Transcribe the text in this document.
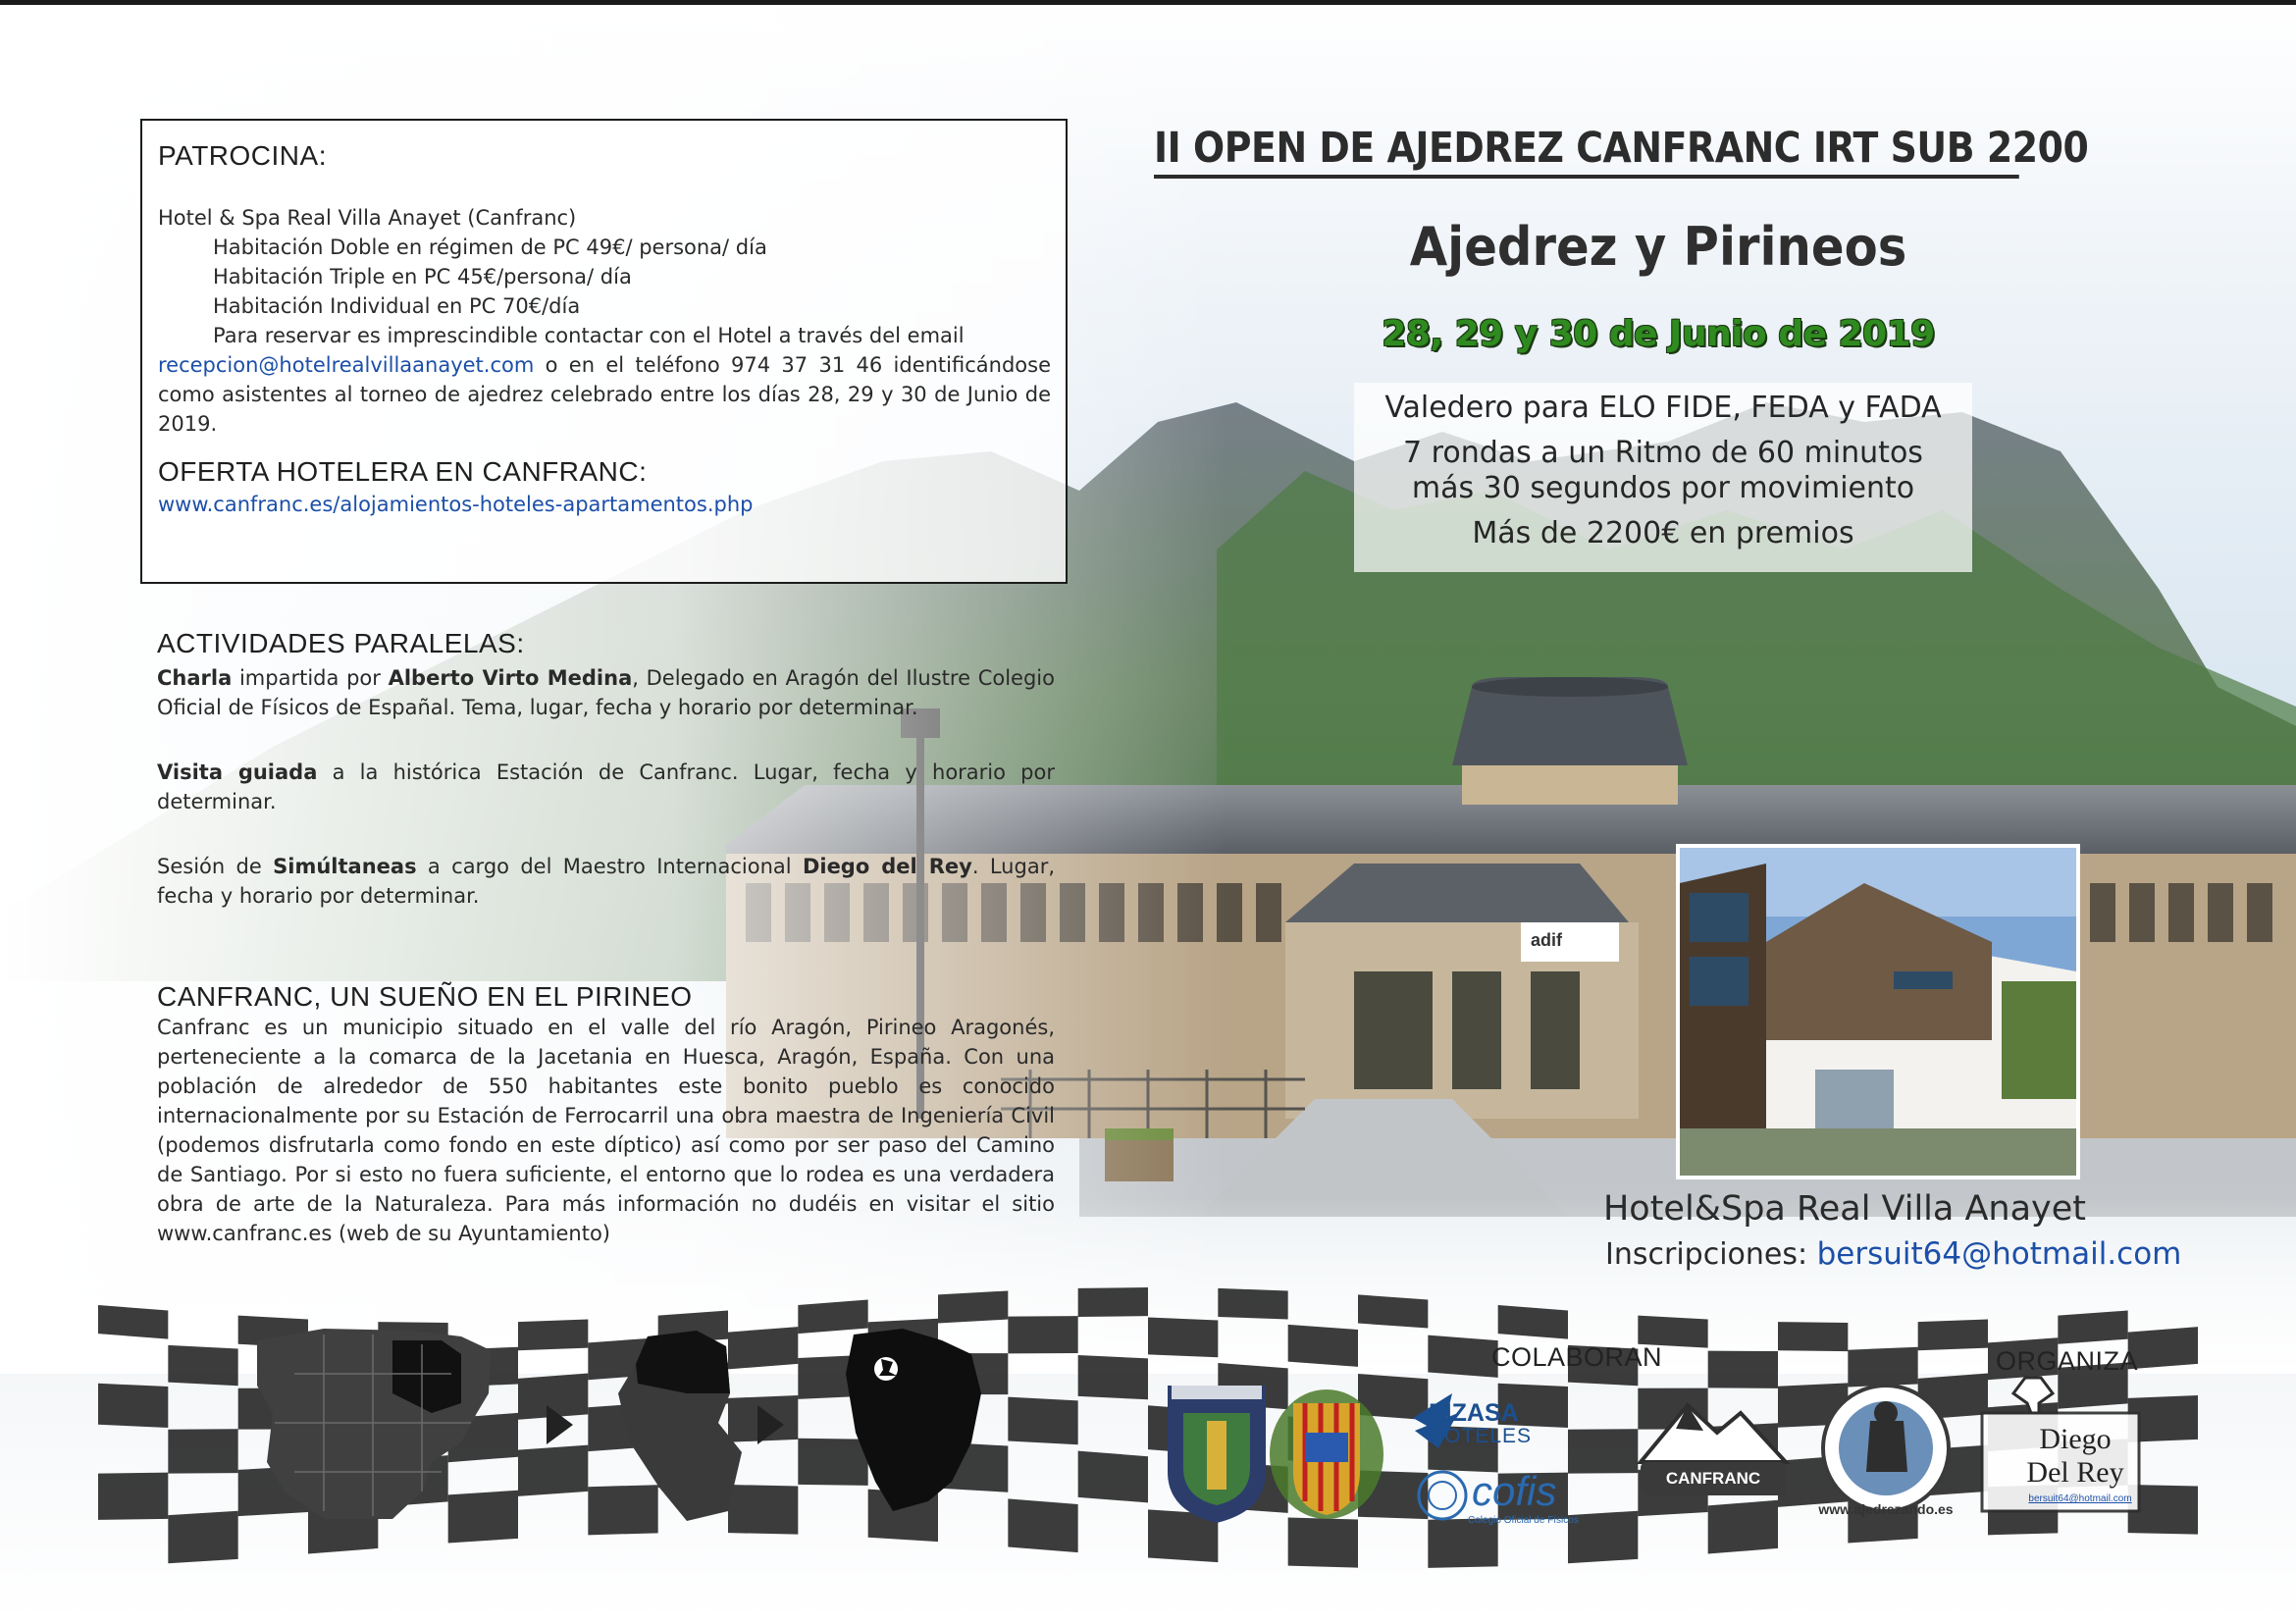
PATROCINA:

Hotel & Spa Real Villa Anayet (Canfranc)

Habitación Doble en régimen de PC 49€/ persona/ día

Habitación Triple en PC 45€/persona/ día

Habitación Individual en PC 70€/día

Para reservar es imprescindible contactar con el Hotel a través del email

recepcion@hotelrealvillaanayet.com o en el teléfono 974 37 31 46 identificándose como asistentes al torneo de ajedrez celebrado entre los días 28, 29 y 30 de Junio de 2019.

OFERTA HOTELERA EN CANFRANC:

www.canfranc.es/alojamientos-hoteles-apartamentos.php

ACTIVIDADES PARALELAS:

Charla impartida por Alberto Virto Medina, Delegado en Aragón del Ilustre Colegio Oficial de Físicos de Españal. Tema, lugar, fecha y horario por determinar.

Visita guiada a la histórica Estación de Canfranc. Lugar, fecha y horario por determinar.

Sesión de Simúltaneas a cargo del Maestro Internacional Diego del Rey. Lugar, fecha y horario por determinar.

CANFRANC, UN SUEÑO EN EL PIRINEO

Canfranc es un municipio situado en el valle del río Aragón, Pirineo Aragonés, perteneciente a la comarca de la Jacetania en Huesca, Aragón, España. Con una población de alrededor de 550 habitantes este bonito pueblo es conocido internacionalmente por su Estación de Ferrocarril una obra maestra de Ingeniería Civil (podemos disfrutarla como fondo en este díptico) así como por ser paso del Camino de Santiago. Por si esto no fuera suficiente, el entorno que lo rodea es una verdadera obra de arte de la Naturaleza. Para más información no dudéis en visitar el sitio www.canfranc.es (web de su Ayuntamiento)

II OPEN DE AJEDREZ CANFRANC IRT SUB 2200
Ajedrez y Pirineos
28, 29 y 30 de Junio de 2019
Valedero para ELO FIDE, FEDA y FADA
7 rondas a un Ritmo de 60 minutos
más 30 segundos por movimiento
Más de 2200€ en premios
Hotel&Spa Real Villa Anayet
Inscripciones: bersuit64@hotmail.com
COLABORAN	ORGANIZA
EIZASA
HOTELES
cofis
Colegio Oficial de Físicos
CANFRANC
www.ajedrezando.es
Diego
Del Rey
bersuit64@hotmail.com
adif
